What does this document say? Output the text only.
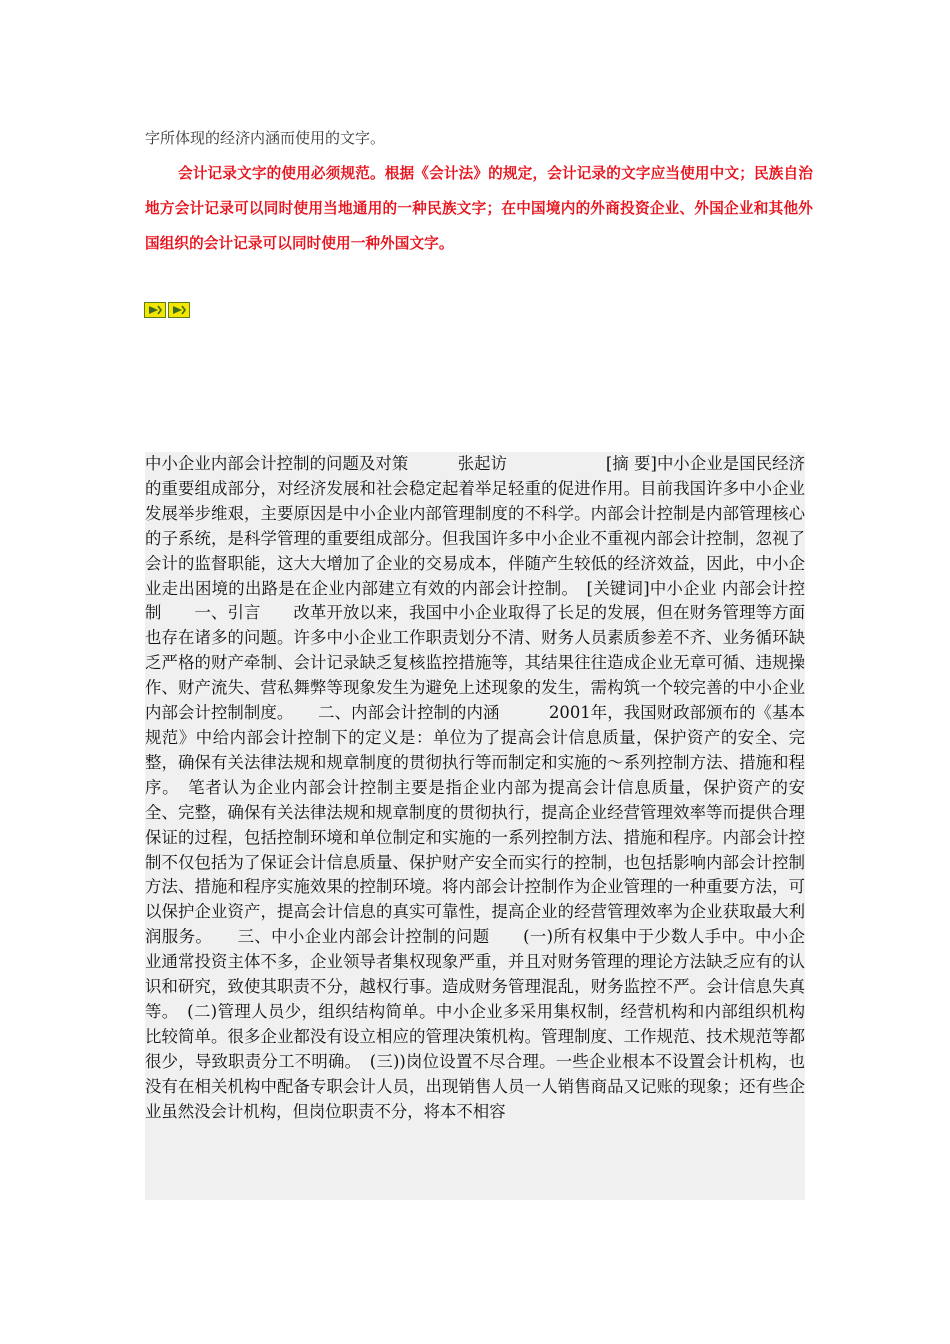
字所体现的经济内涵而使用的文字。
会计记录文字的使用必须规范。根据《会计法》的规定，会计记录的文字应当使用中文；民族自治地方会计记录可以同时使用当地通用的一种民族文字；在中国境内的外商投资企业、外国企业和其他外国组织的会计记录可以同时使用一种外国文字。

中小企业内部会计控制的问题及对策　　　张起访　　　　　　[摘 要]中小企业是国民经济的重要组成部分，对经济发展和社会稳定起着举足轻重的促进作用。目前我国许多中小企业发展举步维艰，主要原因是中小企业内部管理制度的不科学。内部会计控制是内部管理核心的子系统，是科学管理的重要组成部分。但我国许多中小企业不重视内部会计控制，忽视了会计的监督职能，这大大增加了企业的交易成本，伴随产生较低的经济效益，因此，中小企业走出困境的出路是在企业内部建立有效的内部会计控制。　[关键词]中小企业 内部会计控制　　一、引言　　改革开放以来，我国中小企业取得了长足的发展，但在财务管理等方面也存在诸多的问题。许多中小企业工作职责划分不清、财务人员素质参差不齐、业务循环缺乏严格的财产牵制、会计记录缺乏复核监控措施等，其结果往往造成企业无章可循、违规操作、财产流失、营私舞弊等现象发生为避免上述现象的发生，需构筑一个较完善的中小企业内部会计控制制度。　　二、内部会计控制的内涵　　　2001年，我国财政部颁布的《基本规范》中给内部会计控制下的定义是：单位为了提高会计信息质量，保护资产的安全、完整，确保有关法律法规和规章制度的贯彻执行等而制定和实施的～系列控制方法、措施和程序。　笔者认为企业内部会计控制主要是指企业内部为提高会计信息质量，保护资产的安全、完整，确保有关法律法规和规章制度的贯彻执行，提高企业经营管理效率等而提供合理保证的过程，包括控制环境和单位制定和实施的一系列控制方法、措施和程序。内部会计控制不仅包括为了保证会计信息质量、保护财产安全而实行的控制，也包括影响内部会计控制方法、措施和程序实施效果的控制环境。将内部会计控制作为企业管理的一种重要方法，可以保护企业资产，提高会计信息的真实可靠性，提高企业的经营管理效率为企业获取最大利润服务。　　三、中小企业内部会计控制的问题　　(一)所有权集中于少数人手中。中小企业通常投资主体不多，企业领导者集权现象严重，并且对财务管理的理论方法缺乏应有的认识和研究，致使其职责不分，越权行事。造成财务管理混乱，财务监控不严。会计信息失真等。　(二)管理人员少，组织结构简单。中小企业多采用集权制，经营机构和内部组织机构比较简单。很多企业都没有设立相应的管理决策机构。管理制度、工作规范、技术规范等都很少，导致职责分工不明确。　(三))岗位设置不尽合理。一些企业根本不设置会计机构，也没有在相关机构中配备专职会计人员，出现销售人员一人销售商品又记账的现象；还有些企业虽然没会计机构，但岗位职责不分，将本不相容
